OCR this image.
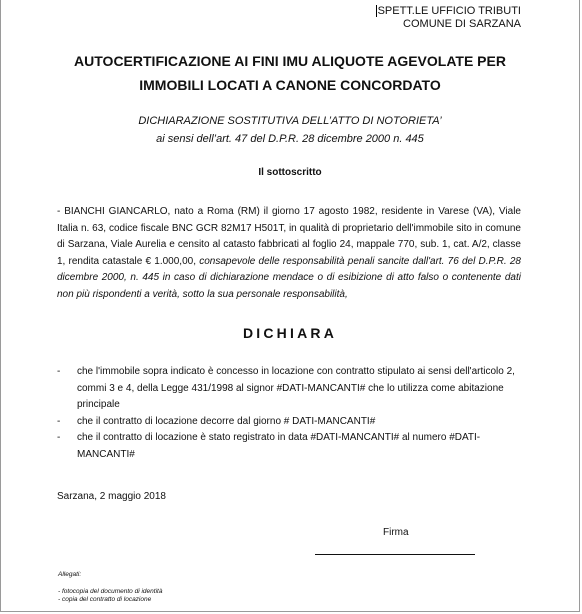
SPETT.LE UFFICIO TRIBUTI
COMUNE DI SARZANA
AUTOCERTIFICAZIONE AI FINI IMU ALIQUOTE AGEVOLATE PER
IMMOBILI LOCATI A CANONE CONCORDATO
DICHIARAZIONE SOSTITUTIVA DELL’ATTO DI NOTORIETA’
ai sensi dell’art. 47 del D.P.R. 28 dicembre 2000 n. 445
Il sottoscritto
- BIANCHI GIANCARLO, nato a Roma (RM) il giorno 17 agosto 1982, residente in Varese (VA), Viale Italia n. 63, codice fiscale BNC GCR 82M17 H501T, in qualità di proprietario dell'immobile sito in comune di Sarzana, Viale Aurelia e censito al catasto fabbricati al foglio 24, mappale 770, sub. 1, cat. A/2, classe 1, rendita catastale € 1.000,00, consapevole delle responsabilità penali sancite dall'art. 76 del D.P.R. 28 dicembre 2000, n. 445 in caso di dichiarazione mendace o di esibizione di atto falso o contenente dati non più rispondenti a verità, sotto la sua personale responsabilità,
DICHIARA
- che l'immobile sopra indicato è concesso in locazione con contratto stipulato ai sensi dell'articolo 2, commi 3 e 4, della Legge 431/1998 al signor #DATI-MANCANTI# che lo utilizza come abitazione principale
- che il contratto di locazione decorre dal giorno # DATI-MANCANTI#
- che il contratto di locazione è stato registrato in data #DATI-MANCANTI# al numero #DATI-MANCANTI#
Sarzana, 2 maggio 2018
Firma
Allegati:
- fotocopia del documento di identità
- copia del contratto di locazione
